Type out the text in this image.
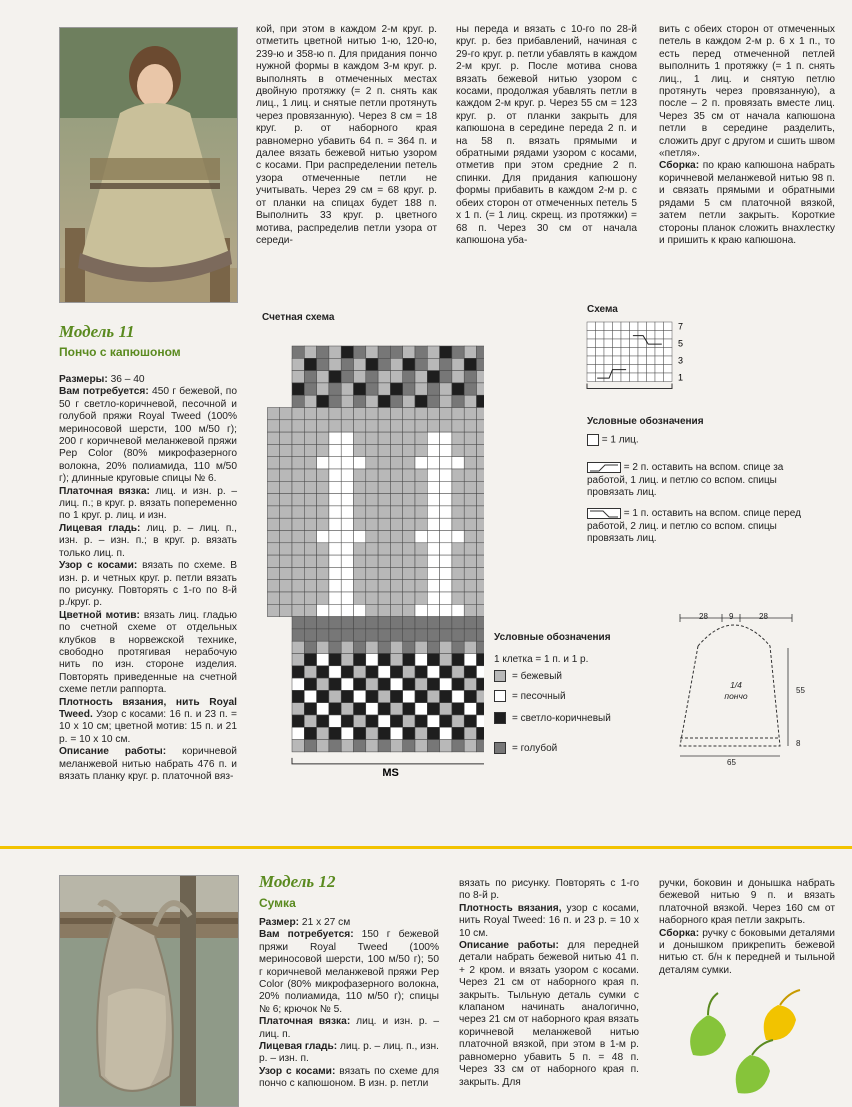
кой, при этом в каждом 2-м круг. р. отметить цветной нитью 1-ю, 120-ю, 239-ю и 358-ю п. Для придания пончо нужной формы в каждом 3-м круг. р. выполнять в отмеченных местах двойную протяжку (= 2 п. снять как лиц., 1 лиц. и снятые петли протянуть через провязанную). Через 8 см = 18 круг. р. от наборного края равномерно убавить 64 п. = 364 п. и далее вязать бежевой нитью узором с косами. При распределении петель узора отмеченные петли не учитывать. Через 29 см = 68 круг. р. от планки на спицах будет 188 п. Выполнить 33 круг. р. цветного мотива, распределив петли узора от середи-

ны переда и вязать с 10-го по 28-й круг. р. без прибавлений, начиная с 29-го круг. р. петли убавлять в каждом 2-м круг. р. После мотива снова вязать бежевой нитью узором с косами, продолжая убавлять петли в каждом 2-м круг. р. Через 55 см = 123 круг. р. от планки закрыть для капюшона в середине переда 2 п. и на 58 п. вязать прямыми и обратными рядами узором с косами, отметив при этом средние 2 п. спинки. Для придания капюшону формы прибавить в каждом 2-м р. с обеих сторон от отмеченных петель 5 х 1 п. (= 1 лиц. скрещ. из протяжки) = 68 п. Через 30 см от начала капюшона уба-

вить с обеих сторон от отмеченных петель в каждом 2-м р. 6 х 1 п., то есть перед отмеченной петлей выполнить 1 протяжку (= 1 п. снять лиц., 1 лиц. и снятую петлю протянуть через провязанную), а после – 2 п. провязать вместе лиц. Через 35 см от начала капюшона петли в середине разделить, сложить друг с другом и сшить швом «петля».

Сборка: по краю капюшона набрать коричневой меланжевой нитью 98 п. и связать прямыми и обратными рядами 5 см платочной вязкой, затем петли закрыть. Короткие стороны планок сложить внахлестку и пришить к краю капюшона.

Модель 11
Пончо с капюшоном

Размеры: 36 – 40

Вам потребуется: 450 г бежевой, по 50 г светло-коричневой, песочной и голубой пряжи Royal Tweed (100% мериносовой шерсти, 100 м/50 г); 200 г коричневой меланжевой пряжи Pep Color (80% микрофазерного волокна, 20% полиамида, 110 м/50 г); длинные круговые спицы № 6.

Платочная вязка: лиц. и изн. р. – лиц. п.; в круг. р. вязать попеременно по 1 круг. р. лиц. и изн.

Лицевая гладь: лиц. р. – лиц. п., изн. р. – изн. п.; в круг. р. вязать только лиц. п.

Узор с косами: вязать по схеме. В изн. р. и четных круг. р. петли вязать по рисунку. Повторять с 1-го по 8-й р./круг. р.

Цветной мотив: вязать лиц. гладью по счетной схеме от отдельных клубков в норвежской технике, свободно протягивая нерабочую нить по изн. стороне изделия. Повторять приведенные на счетной схеме петли раппорта.

Плотность вязания, нить Royal Tweed. Узор с косами: 16 п. и 23 п. = 10 х 10 см; цветной мотив: 15 п. и 21 р. = 10 х 10 см.

Описание работы: коричневой меланжевой нитью набрать 476 п. и вязать планку круг. р. платочной вяз-

Счетная схема
MS
Условные обозначения
1 клетка = 1 п. и 1 р.
Схема
7
5
3
1
Условные обозначения
= 1 лиц.
= 2 п. оставить на вспом. спице за работой, 1 лиц. и петлю со вспом. спицы провязать лиц.
= 1 п. оставить на вспом. спице перед работой, 2 лиц. и петлю со вспом. спицы провязать лиц.
28	9	28
1/4 пончо
55
8
65
Модель 12
Сумка

Размер: 21 х 27 см

Вам потребуется: 150 г бежевой пряжи Royal Tweed (100% мериносовой шерсти, 100 м/50 г); 50 г коричневой меланжевой пряжи Pep Color (80% микрофазерного волокна, 20% полиамида, 110 м/50 г); спицы № 6; крючок № 5.

Платочная вязка: лиц. и изн. р. – лиц. п.

Лицевая гладь: лиц. р. – лиц. п., изн. р. – изн. п.

Узор с косами: вязать по схеме для пончо с капюшоном. В изн. р. петли

вязать по рисунку. Повторять с 1-го по 8-й р.

Плотность вязания, узор с косами, нить Royal Tweed: 16 п. и 23 р. = 10 х 10 см.

Описание работы: для передней детали набрать бежевой нитью 41 п. + 2 кром. и вязать узором с косами. Через 21 см от наборного края п. закрыть. Тыльную деталь сумки с клапаном начинать аналогично, через 21 см от наборного края вязать коричневой меланжевой нитью платочной вязкой, при этом в 1-м р. равномерно убавить 5 п. = 48 п. Через 33 см от наборного края п. закрыть. Для

ручки, боковин и донышка набрать бежевой нитью 9 п. и вязать платочной вязкой. Через 160 см от наборного края петли закрыть.

Сборка: ручку с боковыми деталями и донышком прикрепить бежевой нитью ст. б/н к передней и тыльной деталям сумки.

= бежевый
= песочный
= светло-коричневый
= голубой
